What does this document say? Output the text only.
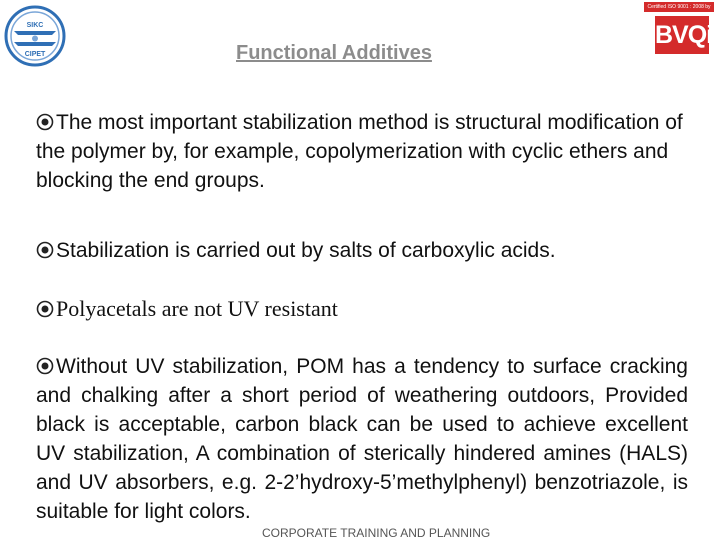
SIKC
CIPET
Certified ISO 9001 : 2008 by
BVQi
Functional Additives

The most important stabilization method is structural modification of the polymer by, for example, copolymerization with cyclic ethers and blocking the end groups.

Stabilization is carried out by salts of carboxylic acids.

Polyacetals are not UV resistant

Without UV stabilization, POM has a tendency to surface cracking and chalking after a short period of weathering outdoors, Provided black is acceptable, carbon black can be used to achieve excellent UV stabilization, A combination of sterically hindered amines (HALS) and UV absorbers, e.g. 2-2’hydroxy-5’methylphenyl) benzotriazole, is suitable for light colors.

CORPORATE TRAINING AND PLANNING
